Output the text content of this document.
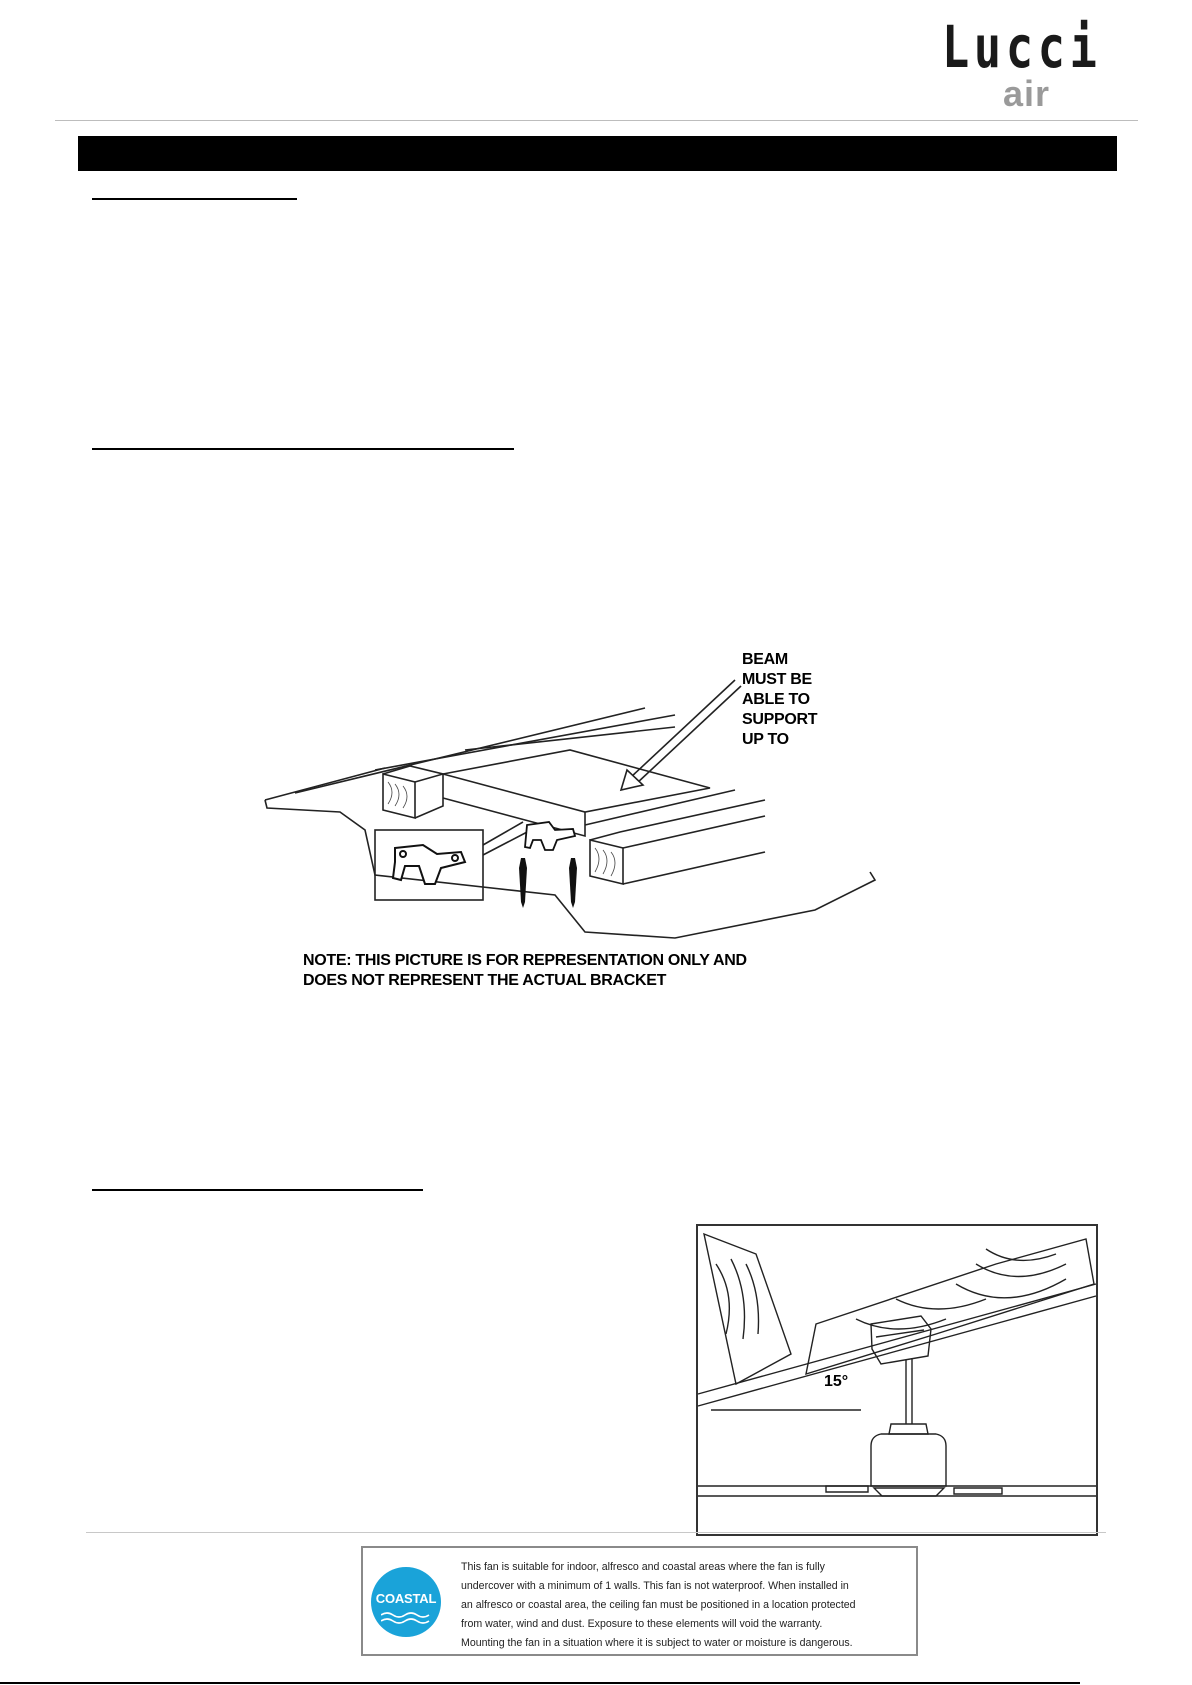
Lucci
air
BEAM
MUST BE
ABLE TO
SUPPORT
UP TO
NOTE: THIS PICTURE IS FOR REPRESENTATION ONLY AND
DOES NOT REPRESENT THE ACTUAL BRACKET
15°
COASTAL
This fan is suitable for indoor, alfresco and coastal areas where the fan is fully
undercover with a minimum of 1 walls. This fan is not waterproof. When installed in
an alfresco or coastal area, the ceiling fan must be positioned in a location protected
from water, wind and dust. Exposure to these elements will void the warranty.
Mounting the fan in a situation where it is subject to water or moisture is dangerous.
